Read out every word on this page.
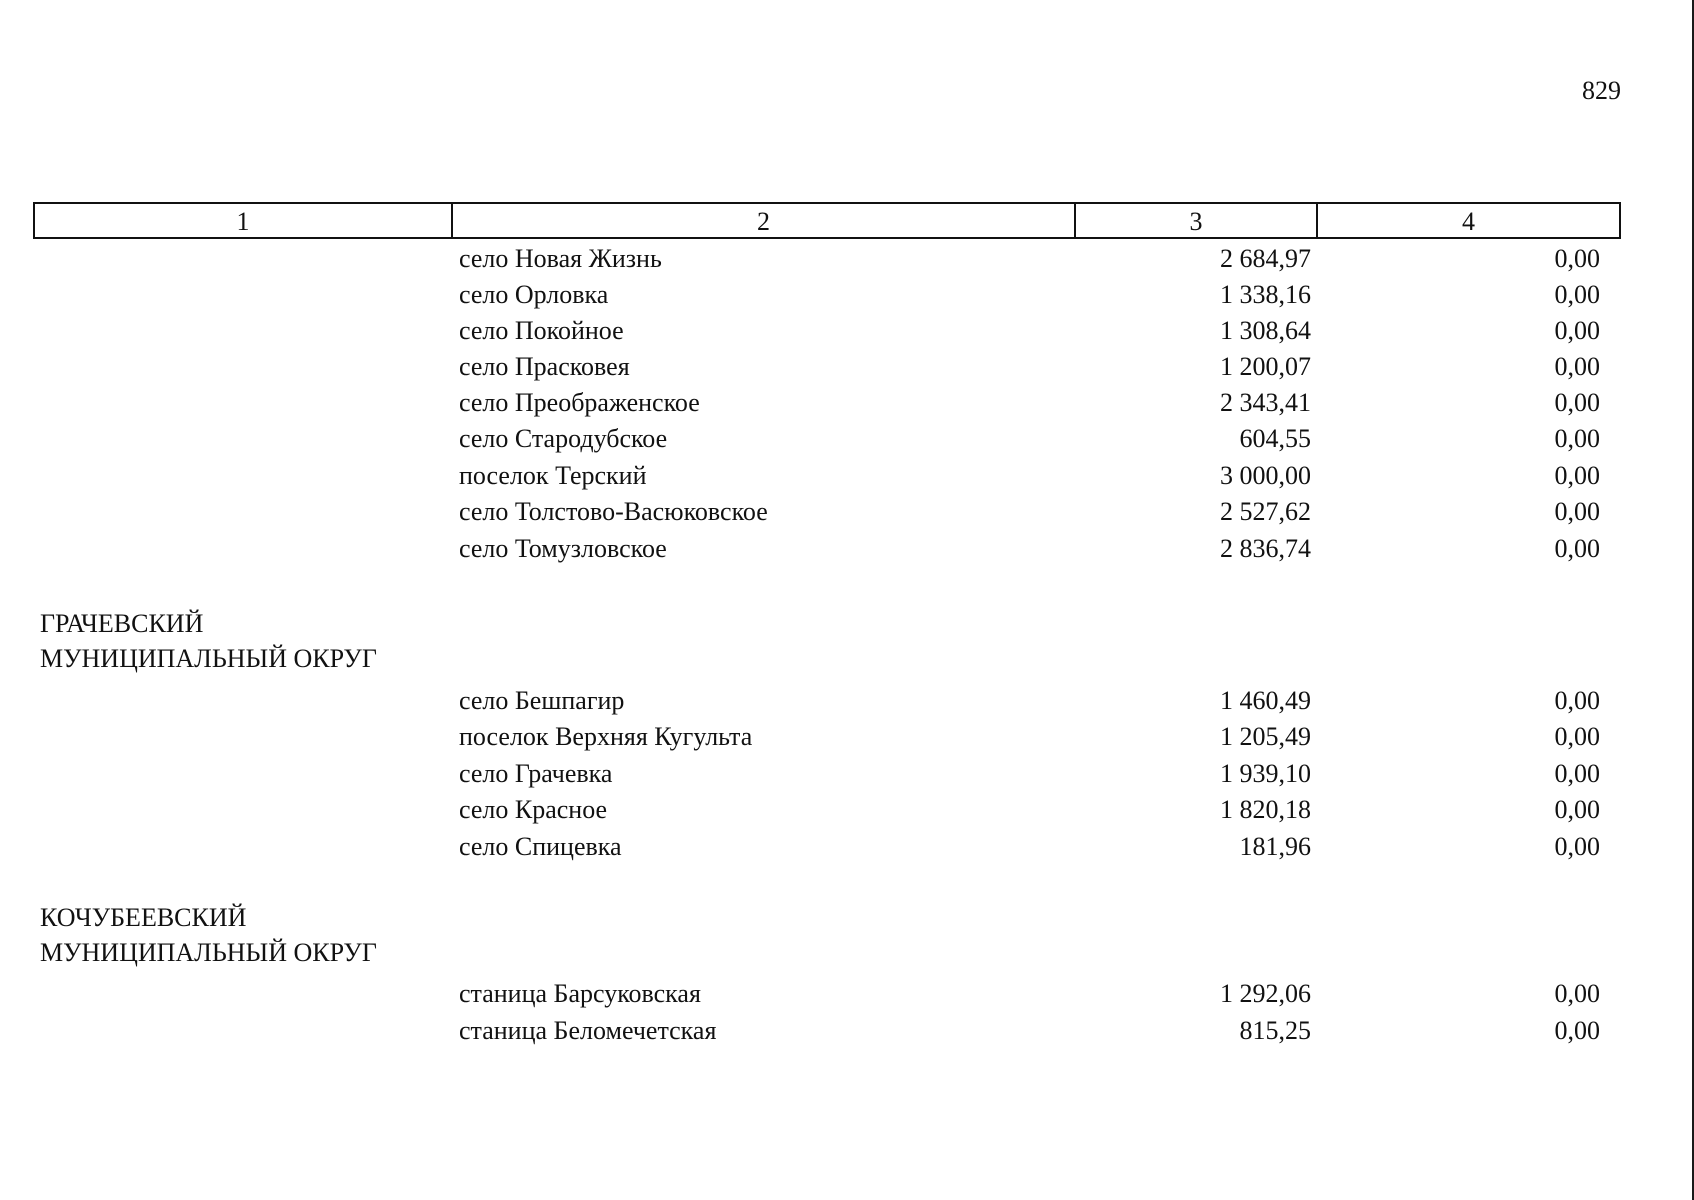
829
1	2	3	4
село Новая Жизнь	2 684,97	0,00
село Орловка	1 338,16	0,00
село Покойное	1 308,64	0,00
село Прасковея	1 200,07	0,00
село Преображенское	2 343,41	0,00
село Стародубское	604,55	0,00
поселок Терский	3 000,00	0,00
село Толстово-Васюковское	2 527,62	0,00
село Томузловское	2 836,74	0,00
ГРАЧЕВСКИЙ
МУНИЦИПАЛЬНЫЙ ОКРУГ
село Бешпагир	1 460,49	0,00
поселок Верхняя Кугульта	1 205,49	0,00
село Грачевка	1 939,10	0,00
село Красное	1 820,18	0,00
село Спицевка	181,96	0,00
КОЧУБЕЕВСКИЙ
МУНИЦИПАЛЬНЫЙ ОКРУГ
станица Барсуковская	1 292,06	0,00
станица Беломечетская	815,25	0,00
